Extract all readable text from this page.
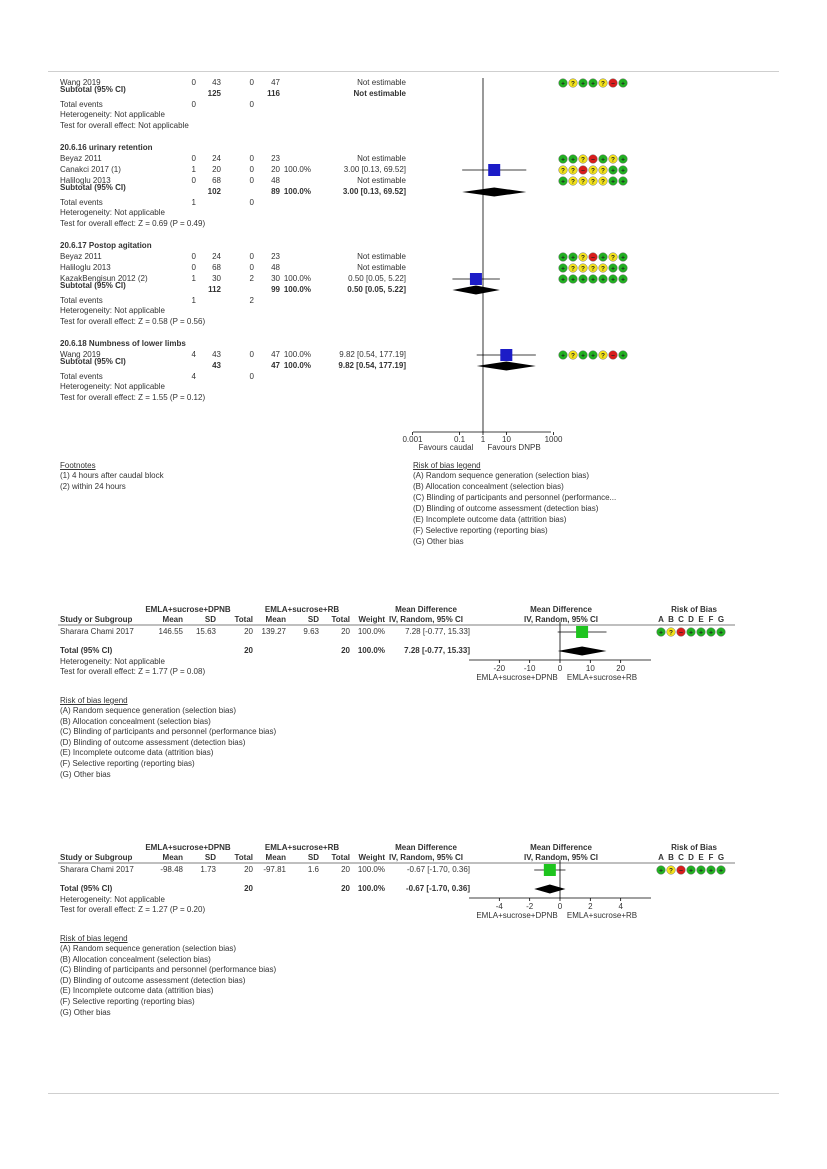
+ ? + + ? − +
+ + ? − + ? +
? ? − ? ? + +
+ ? ? ? ? + +
+ + ? − + ? +
+ ? ? ? ? + +
+ + + + + + +
+ ? + + ? − +
0.001	0.1 1 10	1000
Favours caudal Favours DNPB
Wang 2019	0	43	0	47	Not estimable
Subtotal (95% CI)	125	116	Not estimable
Total events	0	0
Heterogeneity: Not applicable
Test for overall effect: Not applicable
20.6.16 urinary retention
Beyaz 2011	0	24	0	23	Not estimable
Canakci 2017 (1)	1	20	0	20 100.0%	3.00 [0.13, 69.52]
Haliloglu 2013	0	68	0	48	Not estimable
Subtotal (95% CI)	102	89 100.0%	3.00 [0.13, 69.52]
Total events	1	0
Heterogeneity: Not applicable
Test for overall effect: Z = 0.69 (P = 0.49)
20.6.17 Postop agitation
Beyaz 2011	0	24	0	23	Not estimable
Haliloglu 2013	0	68	0	48	Not estimable
KazakBengisun 2012 (2)	1	30	2	30 100.0%	0.50 [0.05, 5.22]
Subtotal (95% CI)	112	99 100.0%	0.50 [0.05, 5.22]
Total events	1	2
Heterogeneity: Not applicable
Test for overall effect: Z = 0.58 (P = 0.56)
20.6.18 Numbness of lower limbs
Wang 2019	4	43	0	47 100.0%	9.82 [0.54, 177.19]
Subtotal (95% CI)	43	47 100.0%	9.82 [0.54, 177.19]
Total events	4	0
Heterogeneity: Not applicable
Test for overall effect: Z = 1.55 (P = 0.12)
Footnotes
(1) 4 hours after caudal block
(2) within 24 hours
Risk of bias legend
(A) Random sequence generation (selection bias)
(B) Allocation concealment (selection bias)
(C) Blinding of participants and personnel (performance...
(D) Blinding of outcome assessment (detection bias)
(E) Incomplete outcome data (attrition bias)
(F) Selective reporting (reporting bias)
(G) Other bias
+ ? − + + + +
-20 -10	0	10	20
EMLA+sucrose+DPNB EMLA+sucrose+RB
EMLA+sucrose+DPNB	EMLA+sucrose+RB	Mean Difference	Mean Difference	Risk of Bias
Study or Subgroup	Mean	SD	Total	Mean	SD	Total	Weight IV, Random, 95% CI	IV, Random, 95% CI	A B C D E F G
Sharara Chami 2017	146.55	15.63	20	139.27	9.63	20 100.0%	7.28 [-0.77, 15.33]
Total (95% CI)	20	20 100.0%	7.28 [-0.77, 15.33]
Heterogeneity: Not applicable
Test for overall effect: Z = 1.77 (P = 0.08)
Risk of bias legend
(A) Random sequence generation (selection bias)
(B) Allocation concealment (selection bias)
(C) Blinding of participants and personnel (performance bias)
(D) Blinding of outcome assessment (detection bias)
(E) Incomplete outcome data (attrition bias)
(F) Selective reporting (reporting bias)
(G) Other bias
+ ? − + + + +
-4	-2	0	2	4
EMLA+sucrose+DPNB EMLA+sucrose+RB
EMLA+sucrose+DPNB	EMLA+sucrose+RB	Mean Difference	Mean Difference	Risk of Bias
Study or Subgroup	Mean	SD	Total	Mean	SD	Total	Weight IV, Random, 95% CI	IV, Random, 95% CI	A B C D E F G
Sharara Chami 2017	-98.48	1.73	20	-97.81	1.6	20 100.0%	-0.67 [-1.70, 0.36]
Total (95% CI)	20	20 100.0%	-0.67 [-1.70, 0.36]
Heterogeneity: Not applicable
Test for overall effect: Z = 1.27 (P = 0.20)
Risk of bias legend
(A) Random sequence generation (selection bias)
(B) Allocation concealment (selection bias)
(C) Blinding of participants and personnel (performance bias)
(D) Blinding of outcome assessment (detection bias)
(E) Incomplete outcome data (attrition bias)
(F) Selective reporting (reporting bias)
(G) Other bias
